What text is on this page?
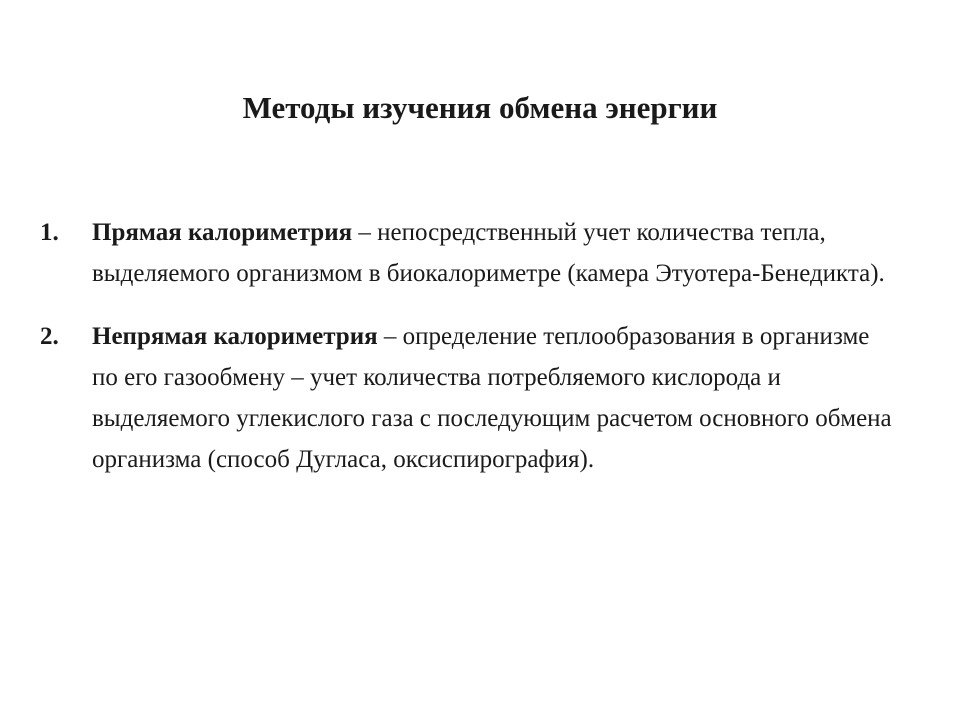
Методы изучения обмена энергии
1. Прямая калориметрия – непосредственный учет количества тепла, выделяемого организмом в биокалориметре (камера Этуотера-Бенедикта).
2. Непрямая калориметрия – определение теплообразования в организме по его газообмену – учет количества потребляемого кислорода и выделяемого углекислого газа с последующим расчетом основного обмена организма (способ Дугласа, оксиспирография).
